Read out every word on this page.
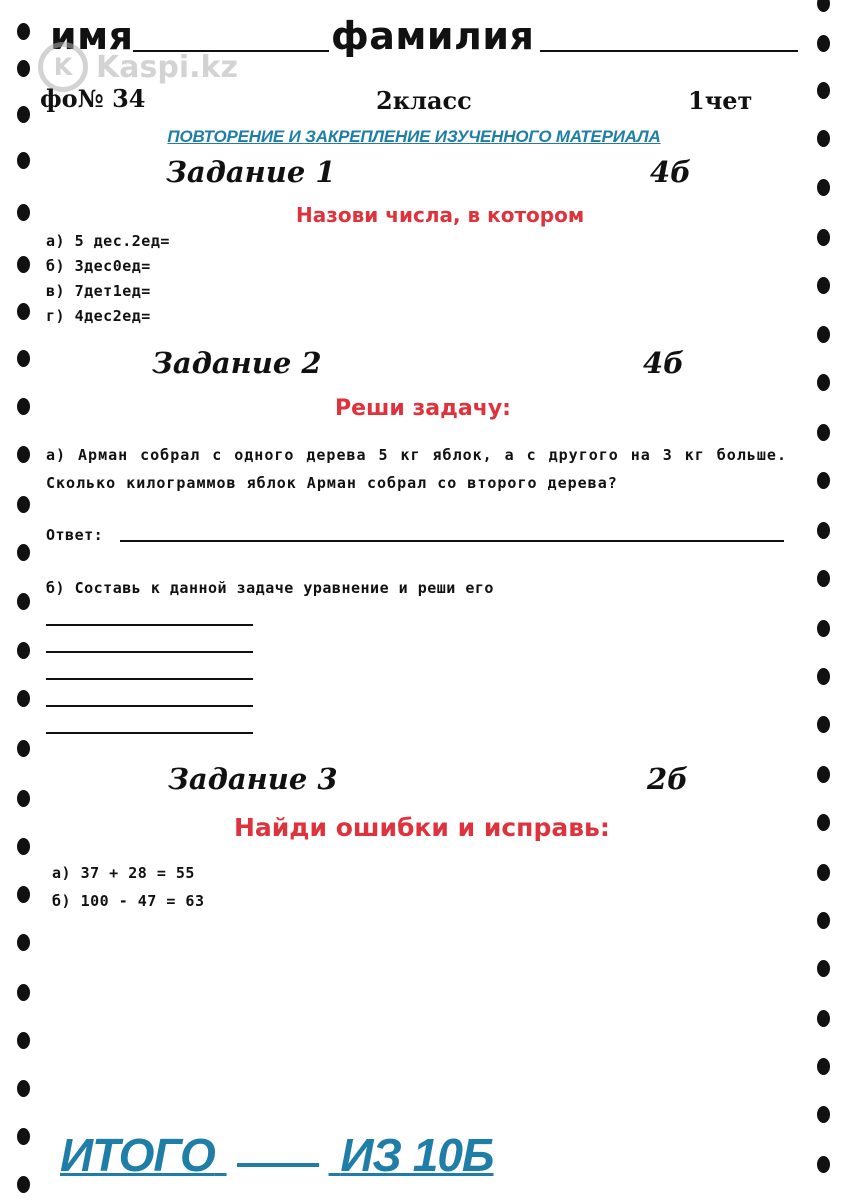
имя	фамилия
K Kaspi.kz
фо№ 34	2класс	1чет
ПОВТОРЕНИЕ И ЗАКРЕПЛЕНИЕ ИЗУЧЕННОГО МАТЕРИАЛА
Задание 1	4б
Назови числа, в котором
а) 5 дес.2ед=
б) 3дес0ед=
в) 7дет1ед=
г) 4дес2ед=
Задание 2	4б
Реши задачу:
а) Арман собрал с одного дерева 5 кг яблок, а с другого на 3 кг больше. Сколько килограммов яблок Арман собрал со второго дерева?
Ответ:
б) Составь к данной задаче уравнение и реши его
Задание 3	2б
Найди ошибки и исправь:
а) 37 + 28 = 55
б) 100 - 47 = 63
ИТОГО	ИЗ 10Б
